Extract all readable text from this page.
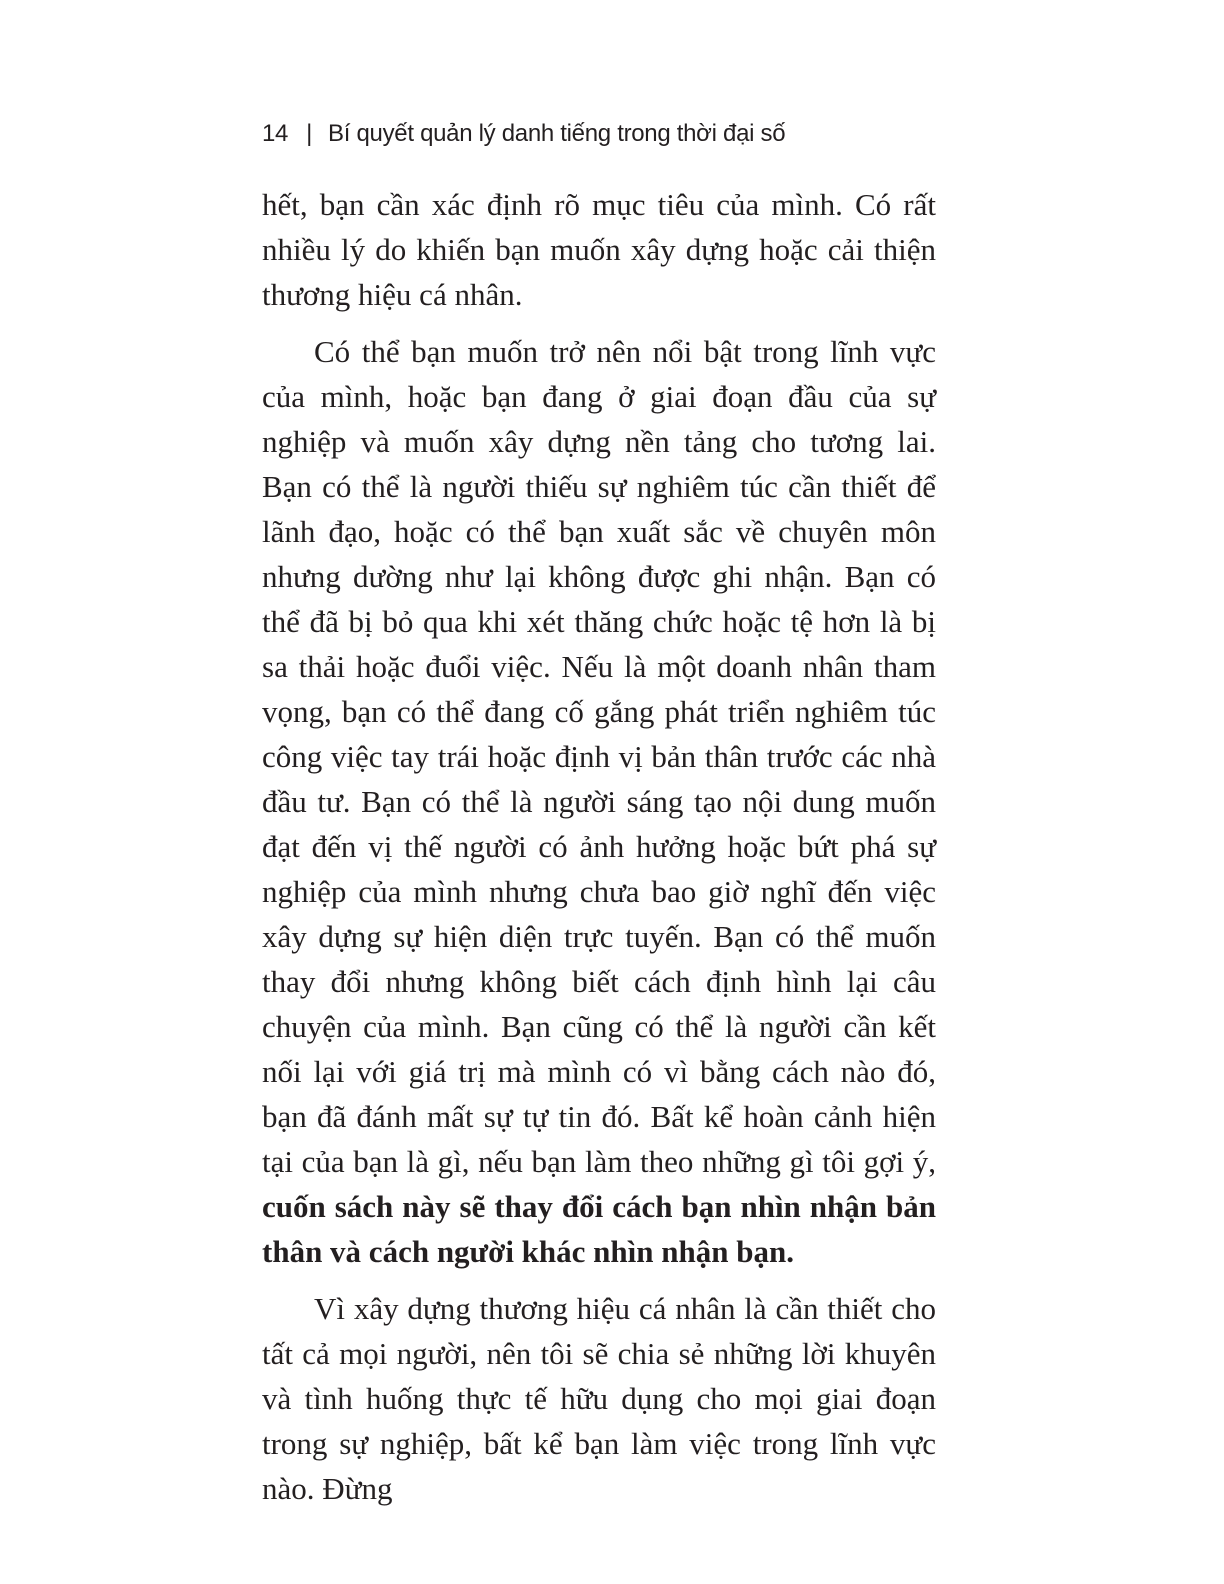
14 | Bí quyết quản lý danh tiếng trong thời đại số

hết, bạn cần xác định rõ mục tiêu của mình. Có rất nhiều lý do khiến bạn muốn xây dựng hoặc cải thiện thương hiệu cá nhân.

Có thể bạn muốn trở nên nổi bật trong lĩnh vực của mình, hoặc bạn đang ở giai đoạn đầu của sự nghiệp và muốn xây dựng nền tảng cho tương lai. Bạn có thể là người thiếu sự nghiêm túc cần thiết để lãnh đạo, hoặc có thể bạn xuất sắc về chuyên môn nhưng dường như lại không được ghi nhận. Bạn có thể đã bị bỏ qua khi xét thăng chức hoặc tệ hơn là bị sa thải hoặc đuổi việc. Nếu là một doanh nhân tham vọng, bạn có thể đang cố gắng phát triển nghiêm túc công việc tay trái hoặc định vị bản thân trước các nhà đầu tư. Bạn có thể là người sáng tạo nội dung muốn đạt đến vị thế người có ảnh hưởng hoặc bứt phá sự nghiệp của mình nhưng chưa bao giờ nghĩ đến việc xây dựng sự hiện diện trực tuyến. Bạn có thể muốn thay đổi nhưng không biết cách định hình lại câu chuyện của mình. Bạn cũng có thể là người cần kết nối lại với giá trị mà mình có vì bằng cách nào đó, bạn đã đánh mất sự tự tin đó. Bất kể hoàn cảnh hiện tại của bạn là gì, nếu bạn làm theo những gì tôi gợi ý, cuốn sách này sẽ thay đổi cách bạn nhìn nhận bản thân và cách người khác nhìn nhận bạn.

Vì xây dựng thương hiệu cá nhân là cần thiết cho tất cả mọi người, nên tôi sẽ chia sẻ những lời khuyên và tình huống thực tế hữu dụng cho mọi giai đoạn trong sự nghiệp, bất kể bạn làm việc trong lĩnh vực nào. Đừng
